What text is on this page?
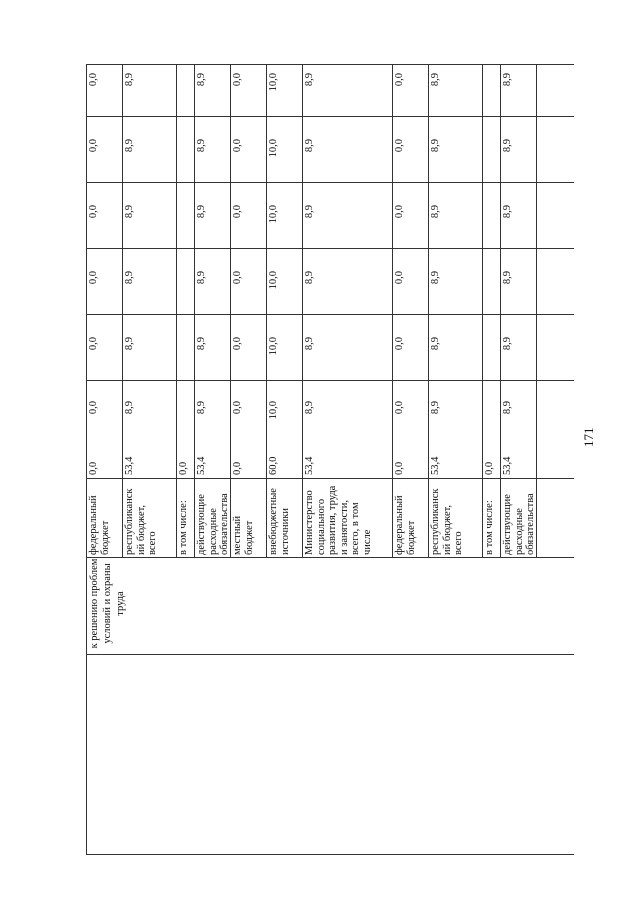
к решению проблем условий и охраны труда
федеральный бюджет
0,0
0,0
0,0
0,0
0,0
0,0
0,0
республиканск ий бюджет, всего
53,4
8,9
8,9
8,9
8,9
8,9
8,9
в том числе:
0,0
действующие расходные обязательства
53,4
8,9
8,9
8,9
8,9
8,9
8,9
местный бюджет
0,0
0,0
0,0
0,0
0,0
0,0
0,0
внебюджетные источники
60,0
10,0
10,0
10,0
10,0
10,0
10,0
Министерство социального развития, труда и занятости, всего, в том числе
53,4
8,9
8,9
8,9
8,9
8,9
8,9
федеральный бюджет
0,0
0,0
0,0
0,0
0,0
0,0
0,0
республиканск ий бюджет, всего
53,4
8,9
8,9
8,9
8,9
8,9
8,9
в том числе:
0,0
действующие расходные обязательства
53,4
8,9
8,9
8,9
8,9
8,9
8,9
171
